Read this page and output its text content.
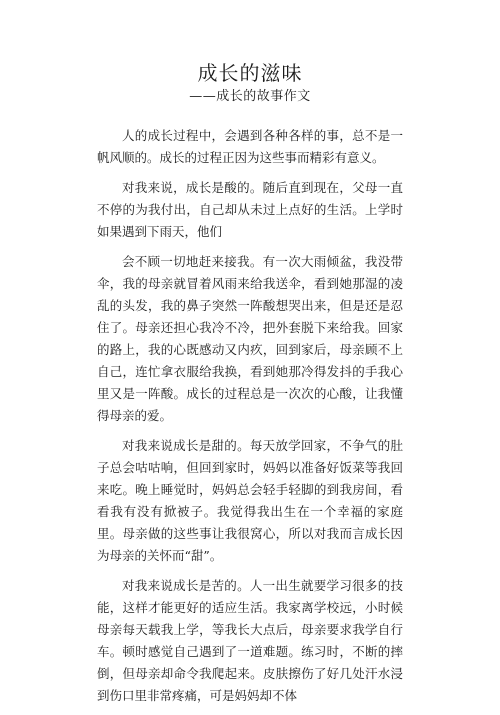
成长的滋味
——成长的故事作文

人的成长过程中，会遇到各种各样的事，总不是一帆风顺的。成长的过程正因为这些事而精彩有意义。

对我来说，成长是酸的。随后直到现在，父母一直不停的为我付出，自己却从未过上点好的生活。上学时如果遇到下雨天，他们

会不顾一切地赶来接我。有一次大雨倾盆，我没带伞，我的母亲就冒着风雨来给我送伞，看到她那湿的凌乱的头发，我的鼻子突然一阵酸想哭出来，但是还是忍住了。母亲还担心我冷不冷，把外套脱下来给我。回家的路上，我的心既感动又内疚，回到家后，母亲顾不上自己，连忙拿衣服给我换，看到她那冷得发抖的手我心里又是一阵酸。成长的过程总是一次次的心酸，让我懂得母亲的爱。

对我来说成长是甜的。每天放学回家，不争气的肚子总会咕咕响，但回到家时，妈妈以准备好饭菜等我回来吃。晚上睡觉时，妈妈总会轻手轻脚的到我房间，看看我有没有掀被子。我觉得我出生在一个幸福的家庭里。母亲做的这些事让我很窝心，所以对我而言成长因为母亲的关怀而“甜”。

对我来说成长是苦的。人一出生就要学习很多的技能，这样才能更好的适应生活。我家离学校远，小时候母亲每天载我上学，等我长大点后，母亲要求我学自行车。顿时感觉自己遇到了一道难题。练习时，不断的摔倒，但母亲却命令我爬起来。皮肤擦伤了好几处汗水浸到伤口里非常疼痛，可是妈妈却不体
